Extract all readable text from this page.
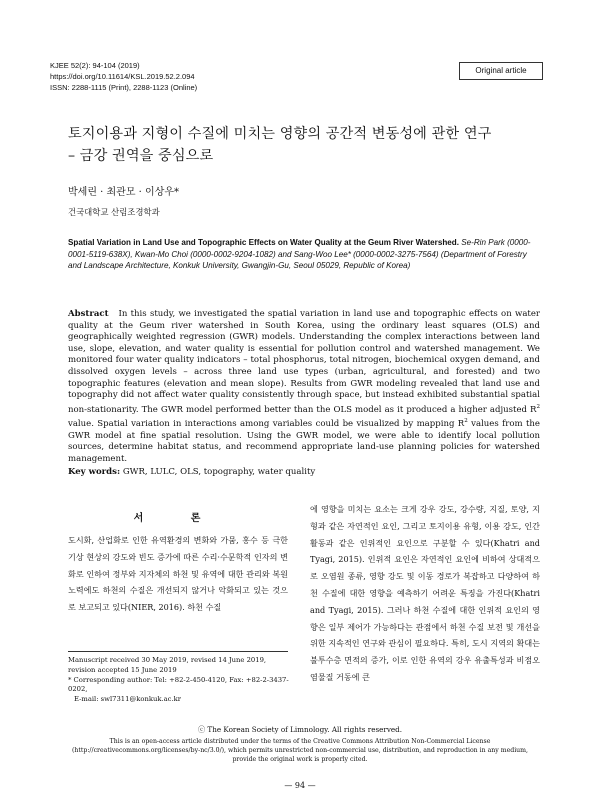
KJEE 52(2): 94-104 (2019)
https://doi.org/10.11614/KSL.2019.52.2.094
ISSN: 2288-1115 (Print), 2288-1123 (Online)
Original article
토지이용과 지형이 수질에 미치는 영향의 공간적 변동성에 관한 연구
– 금강 권역을 중심으로
박세린 · 최관모 · 이상우*
건국대학교 산림조경학과
Spatial Variation in Land Use and Topographic Effects on Water Quality at the Geum River Watershed. Se-Rin Park (0000-0001-5119-638X), Kwan-Mo Choi (0000-0002-9204-1082) and Sang-Woo Lee* (0000-0002-3275-7564) (Department of Forestry and Landscape Architecture, Konkuk University, Gwangjin-Gu, Seoul 05029, Republic of Korea)
Abstract In this study, we investigated the spatial variation in land use and topographic effects on water quality at the Geum river watershed in South Korea, using the ordinary least squares (OLS) and geographically weighted regression (GWR) models. Understanding the complex interactions between land use, slope, elevation, and water quality is essential for pollution control and watershed management. We monitored four water quality indicators – total phosphorus, total nitrogen, biochemical oxygen demand, and dissolved oxygen levels – across three land use types (urban, agricultural, and forested) and two topographic features (elevation and mean slope). Results from GWR modeling revealed that land use and topography did not affect water quality consistently through space, but instead exhibited substantial spatial non-stationarity. The GWR model performed better than the OLS model as it produced a higher adjusted $R^2$ value. Spatial variation in interactions among variables could be visualized by mapping $R^2$ values from the GWR model at fine spatial resolution. Using the GWR model, we were able to identify local pollution sources, determine habitat status, and recommend appropriate land-use planning policies for watershed management.
Key words: GWR, LULC, OLS, topography, water quality
서 론
도시화, 산업화로 인한 유역환경의 변화와 가뭄, 홍수 등 극한 기상 현상의 강도와 빈도 증가에 따른 수리·수문학적 인자의 변화로 인하여 정부와 지자체의 하천 및 유역에 대한 관리와 복원 노력에도 하천의 수질은 개선되지 않거나 악화되고 있는 것으로 보고되고 있다(NIER, 2016). 하천 수질
에 영향을 미치는 요소는 크게 강우 강도, 강수량, 지질, 토양, 지형과 같은 자연적인 요인, 그리고 토지이용 유형, 이용 강도, 인간 활동과 같은 인위적인 요인으로 구분할 수 있다(Khatri and Tyagi, 2015). 인위적 요인은 자연적인 요인에 비하여 상대적으로 오염원 종류, 영향 강도 및 이동 경로가 복잡하고 다양하여 하천 수질에 대한 영향을 예측하기 어려운 특징을 가진다(Khatri and Tyagi, 2015). 그러나 하천 수질에 대한 인위적 요인의 영향은 일부 제어가 가능하다는 관점에서 하천 수질 보전 및 개선을 위한 지속적인 연구와 관심이 필요하다. 특히, 도시 지역의 확대는 불투수층 면적의 증가, 이로 인한 유역의 강우 유출특성과 비점오염물질 거동에 큰
Manuscript received 30 May 2019, revised 14 June 2019,
revision accepted 15 June 2019
* Corresponding author: Tel: +82-2-450-4120, Fax: +82-2-3437-0202,
E-mail: swl7311@konkuk.ac.kr
ⓒ The Korean Society of Limnology. All rights reserved.
This is an open-access article distributed under the terms of the Creative Commons Attribution Non-Commercial License (http://creativecommons.org/licenses/by-nc/3.0/), which permits unrestricted non-commercial use, distribution, and reproduction in any medium, provide the original work is properly cited.
— 94 —
